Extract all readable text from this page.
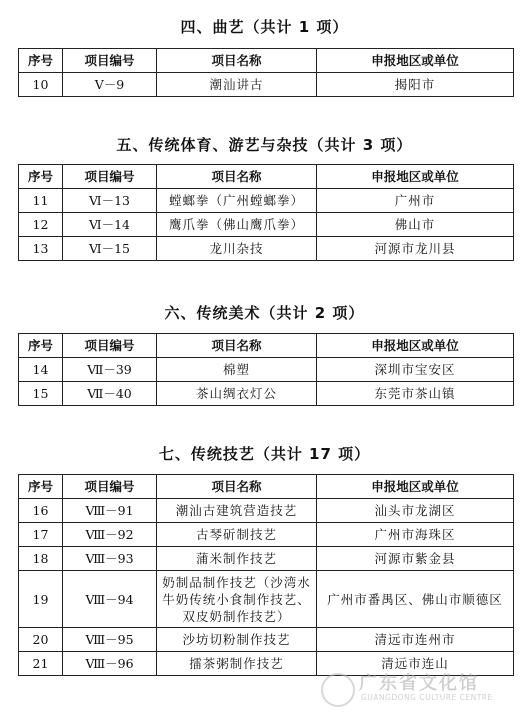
四、曲艺（共计 1 项）
序号	项目编号	项目名称	申报地区或单位
10	Ⅴ－9	潮汕讲古	揭阳市
五、传统体育、游艺与杂技（共计 3 项）
序号	项目编号	项目名称	申报地区或单位
11	Ⅵ－13	螳螂拳（广州螳螂拳）	广州市
12	Ⅵ－14	鹰爪拳（佛山鹰爪拳）	佛山市
13	Ⅵ－15	龙川杂技	河源市龙川县
六、传统美术（共计 2 项）
序号	项目编号	项目名称	申报地区或单位
14	Ⅶ－39	棉塑	深圳市宝安区
15	Ⅶ－40	茶山绸衣灯公	东莞市茶山镇
七、传统技艺（共计 17 项）
序号	项目编号	项目名称	申报地区或单位
16	Ⅷ－91	潮汕古建筑营造技艺	汕头市龙湖区
17	Ⅷ－92	古琴斫制技艺	广州市海珠区
18	Ⅷ－93	蒲米制作技艺	河源市紫金县
19	Ⅷ－94	奶制品制作技艺（沙湾水牛奶传统小食制作技艺、双皮奶制作技艺）	广州市番禺区、佛山市顺德区
20	Ⅷ－95	沙坊切粉制作技艺	清远市连州市
21	Ⅷ－96	擂茶粥制作技艺	清远市连山
广东省文化馆
GUANGDONG CULTURE CENTRE
